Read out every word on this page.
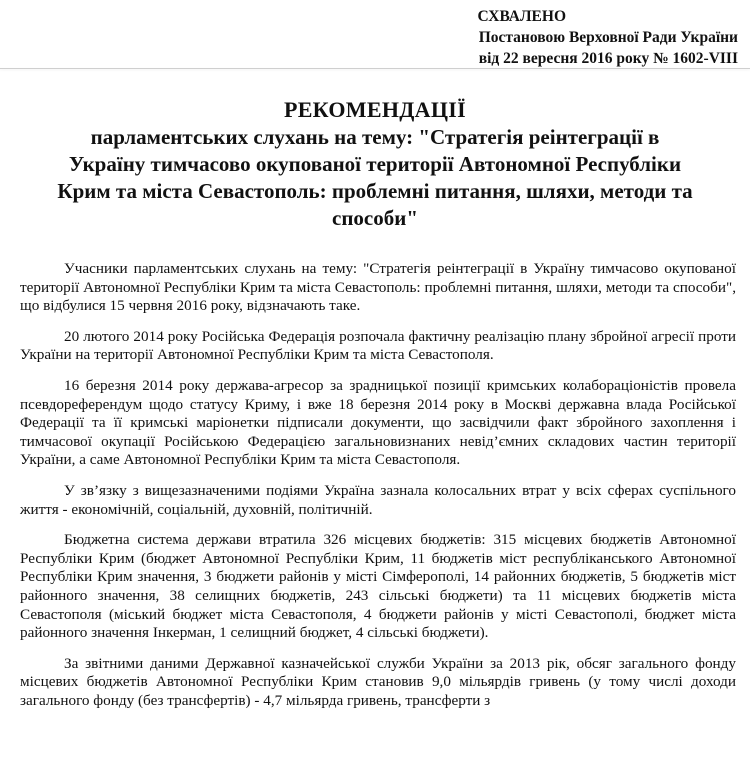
СХВАЛЕНО
Постановою Верховної Ради України
від 22 вересня 2016 року № 1602-VIII
РЕКОМЕНДАЦІЇ
парламентських слухань на тему: "Стратегія реінтеграції в Україну тимчасово окупованої території Автономної Республіки Крим та міста Севастополь: проблемні питання, шляхи, методи та способи"

Учасники парламентських слухань на тему: "Стратегія реінтеграції в Україну тимчасово окупованої території Автономної Республіки Крим та міста Севастополь: проблемні питання, шляхи, методи та способи", що відбулися 15 червня 2016 року, відзначають таке.

20 лютого 2014 року Російська Федерація розпочала фактичну реалізацію плану збройної агресії проти України на території Автономної Республіки Крим та міста Севастополя.

16 березня 2014 року держава-агресор за зрадницької позиції кримських колабораціоністів провела псевдореферендум щодо статусу Криму, і вже 18 березня 2014 року в Москві державна влада Російської Федерації та її кримські маріонетки підписали документи, що засвідчили факт збройного захоплення і тимчасової окупації Російською Федерацією загальновизнаних невід’ємних складових частин території України, а саме Автономної Республіки Крим та міста Севастополя.

У зв’язку з вищезазначеними подіями Україна зазнала колосальних втрат у всіх сферах суспільного життя - економічній, соціальній, духовній, політичній.

Бюджетна система держави втратила 326 місцевих бюджетів: 315 місцевих бюджетів Автономної Республіки Крим (бюджет Автономної Республіки Крим, 11 бюджетів міст республіканського Автономної Республіки Крим значення, 3 бюджети районів у місті Сімферополі, 14 районних бюджетів, 5 бюджетів міст районного значення, 38 селищних бюджетів, 243 сільські бюджети) та 11 місцевих бюджетів міста Севастополя (міський бюджет міста Севастополя, 4 бюджети районів у місті Севастополі, бюджет міста районного значення Інкерман, 1 селищний бюджет, 4 сільські бюджети).

За звітними даними Державної казначейської служби України за 2013 рік, обсяг загального фонду місцевих бюджетів Автономної Республіки Крим становив 9,0 мільярдів гривень (у тому числі доходи загального фонду (без трансфертів) - 4,7 мільярда гривень, трансферти з
